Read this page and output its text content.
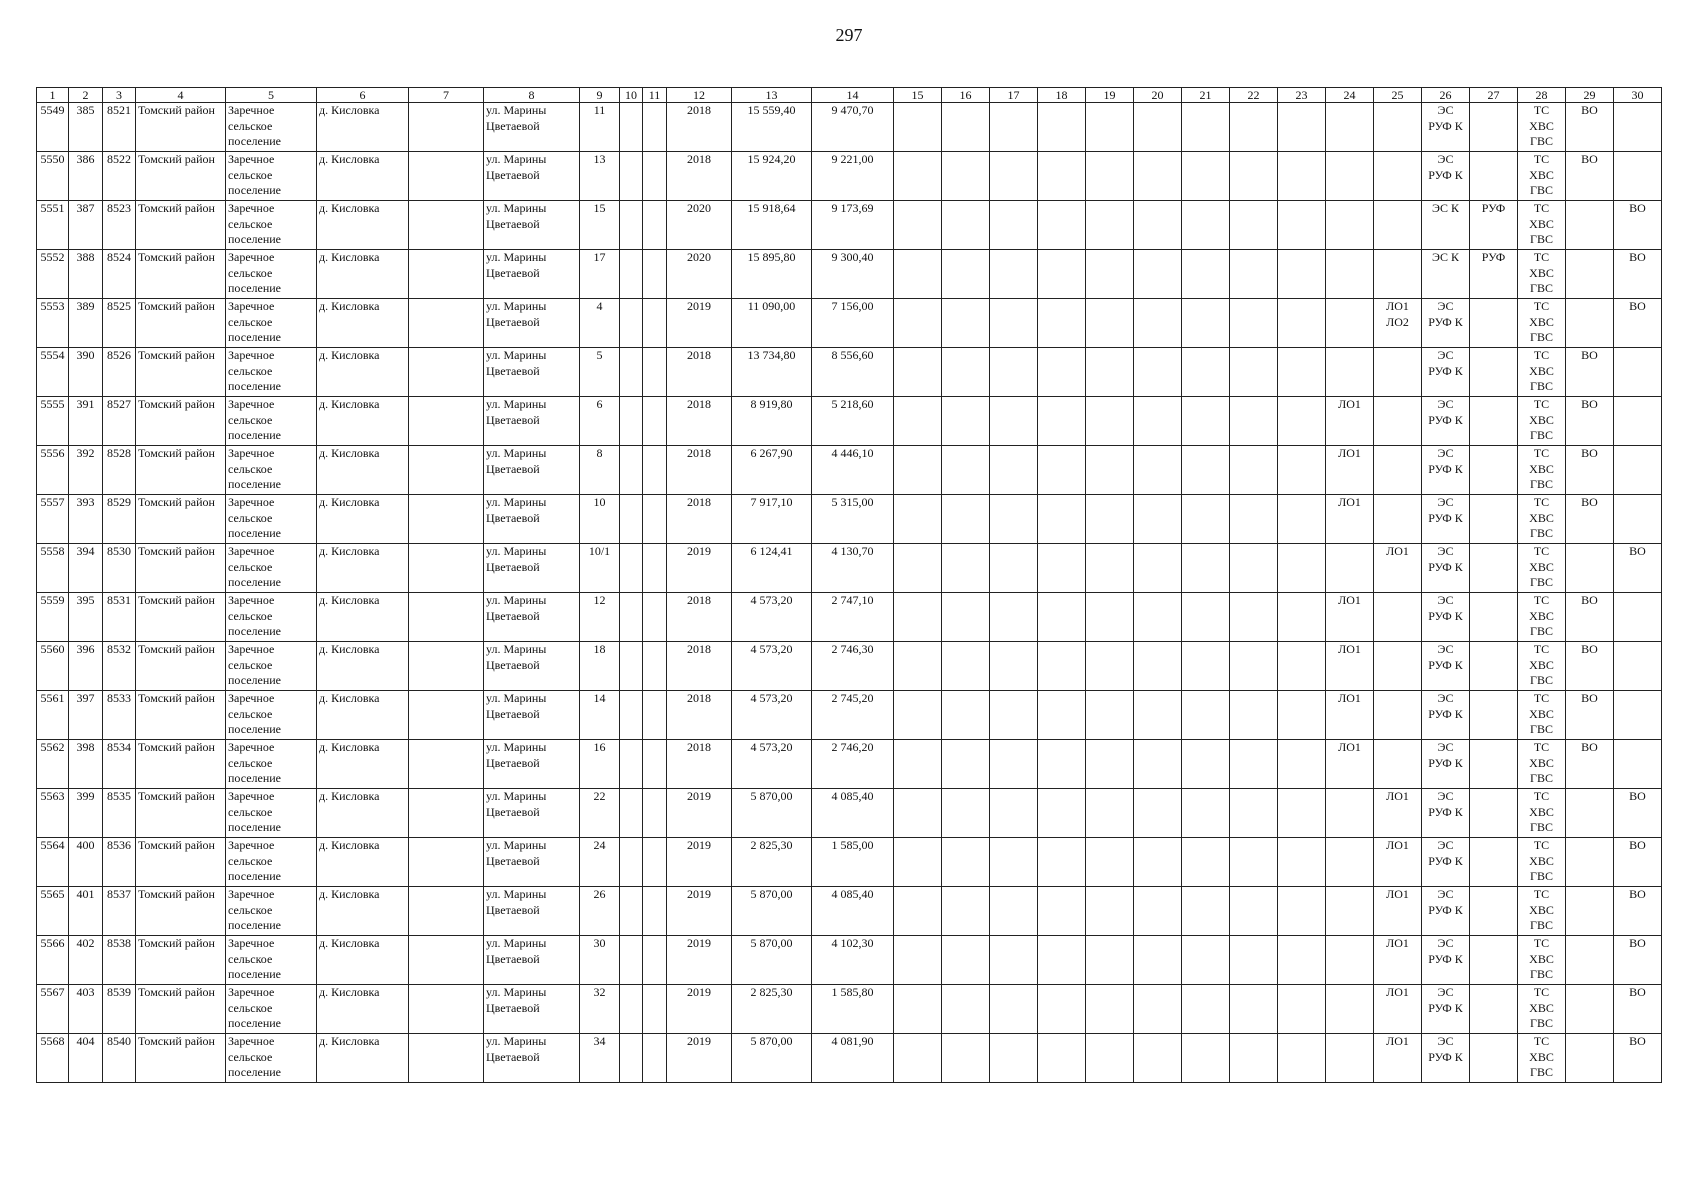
297
1	2	3	4	5	6	7	8	9	10	11	12	13	14	15	16	17	18	19	20	21	22	23	24	25	26	27	28	29	30

5549	385	8521	Томский район	Заречное
сельское
поселение	д. Кисловка		ул. Марины
Цветаевой	11			2018	15 559,40	9 470,70												ЭС
РУФ К		ТС
ХВС
ГВС	ВО	

5550	386	8522	Томский район	Заречное
сельское
поселение	д. Кисловка		ул. Марины
Цветаевой	13			2018	15 924,20	9 221,00												ЭС
РУФ К		ТС
ХВС
ГВС	ВО	

5551	387	8523	Томский район	Заречное
сельское
поселение	д. Кисловка		ул. Марины
Цветаевой	15			2020	15 918,64	9 173,69												ЭС К	РУФ	ТС
ХВС
ГВС		ВО

5552	388	8524	Томский район	Заречное
сельское
поселение	д. Кисловка		ул. Марины
Цветаевой	17			2020	15 895,80	9 300,40												ЭС К	РУФ	ТС
ХВС
ГВС		ВО

5553	389	8525	Томский район	Заречное
сельское
поселение	д. Кисловка		ул. Марины
Цветаевой	4			2019	11 090,00	7 156,00											ЛО1
ЛО2	ЭС
РУФ К		ТС
ХВС
ГВС		ВО

5554	390	8526	Томский район	Заречное
сельское
поселение	д. Кисловка		ул. Марины
Цветаевой	5			2018	13 734,80	8 556,60												ЭС
РУФ К		ТС
ХВС
ГВС	ВО	

5555	391	8527	Томский район	Заречное
сельское
поселение	д. Кисловка		ул. Марины
Цветаевой	6			2018	8 919,80	5 218,60										ЛО1		ЭС
РУФ К		ТС
ХВС
ГВС	ВО	

5556	392	8528	Томский район	Заречное
сельское
поселение	д. Кисловка		ул. Марины
Цветаевой	8			2018	6 267,90	4 446,10										ЛО1		ЭС
РУФ К		ТС
ХВС
ГВС	ВО	

5557	393	8529	Томский район	Заречное
сельское
поселение	д. Кисловка		ул. Марины
Цветаевой	10			2018	7 917,10	5 315,00										ЛО1		ЭС
РУФ К		ТС
ХВС
ГВС	ВО	

5558	394	8530	Томский район	Заречное
сельское
поселение	д. Кисловка		ул. Марины
Цветаевой	10/1			2019	6 124,41	4 130,70											ЛО1	ЭС
РУФ К		ТС
ХВС
ГВС		ВО

5559	395	8531	Томский район	Заречное
сельское
поселение	д. Кисловка		ул. Марины
Цветаевой	12			2018	4 573,20	2 747,10										ЛО1		ЭС
РУФ К		ТС
ХВС
ГВС	ВО	

5560	396	8532	Томский район	Заречное
сельское
поселение	д. Кисловка		ул. Марины
Цветаевой	18			2018	4 573,20	2 746,30										ЛО1		ЭС
РУФ К		ТС
ХВС
ГВС	ВО	

5561	397	8533	Томский район	Заречное
сельское
поселение	д. Кисловка		ул. Марины
Цветаевой	14			2018	4 573,20	2 745,20										ЛО1		ЭС
РУФ К		ТС
ХВС
ГВС	ВО	

5562	398	8534	Томский район	Заречное
сельское
поселение	д. Кисловка		ул. Марины
Цветаевой	16			2018	4 573,20	2 746,20										ЛО1		ЭС
РУФ К		ТС
ХВС
ГВС	ВО	

5563	399	8535	Томский район	Заречное
сельское
поселение	д. Кисловка		ул. Марины
Цветаевой	22			2019	5 870,00	4 085,40											ЛО1	ЭС
РУФ К		ТС
ХВС
ГВС		ВО

5564	400	8536	Томский район	Заречное
сельское
поселение	д. Кисловка		ул. Марины
Цветаевой	24			2019	2 825,30	1 585,00											ЛО1	ЭС
РУФ К		ТС
ХВС
ГВС		ВО

5565	401	8537	Томский район	Заречное
сельское
поселение	д. Кисловка		ул. Марины
Цветаевой	26			2019	5 870,00	4 085,40											ЛО1	ЭС
РУФ К		ТС
ХВС
ГВС		ВО

5566	402	8538	Томский район	Заречное
сельское
поселение	д. Кисловка		ул. Марины
Цветаевой	30			2019	5 870,00	4 102,30											ЛО1	ЭС
РУФ К		ТС
ХВС
ГВС		ВО

5567	403	8539	Томский район	Заречное
сельское
поселение	д. Кисловка		ул. Марины
Цветаевой	32			2019	2 825,30	1 585,80											ЛО1	ЭС
РУФ К		ТС
ХВС
ГВС		ВО

5568	404	8540	Томский район	Заречное
сельское
поселение	д. Кисловка		ул. Марины
Цветаевой	34			2019	5 870,00	4 081,90											ЛО1	ЭС
РУФ К		ТС
ХВС
ГВС		ВО
